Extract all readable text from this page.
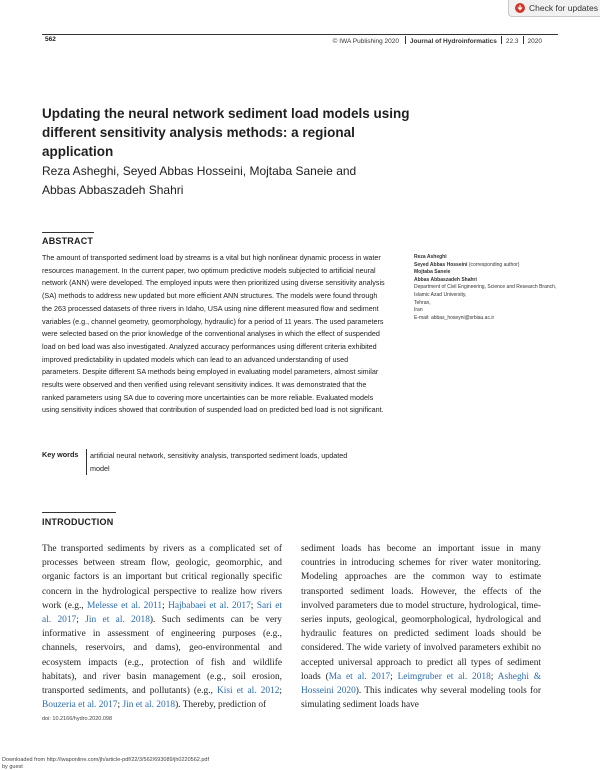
Check for updates
562	© IWA Publishing 2020 Journal of Hydroinformatics 22.3 2020
Updating the neural network sediment load models using different sensitivity analysis methods: a regional application
Reza Asheghi, Seyed Abbas Hosseini, Mojtaba Saneie and Abbas Abbaszadeh Shahri
ABSTRACT
The amount of transported sediment load by streams is a vital but high nonlinear dynamic process in water resources management. In the current paper, two optimum predictive models subjected to artificial neural network (ANN) were developed. The employed inputs were then prioritized using diverse sensitivity analysis (SA) methods to address new updated but more efficient ANN structures. The models were found through the 263 processed datasets of three rivers in Idaho, USA using nine different measured flow and sediment variables (e.g., channel geometry, geomorphology, hydraulic) for a period of 11 years. The used parameters were selected based on the prior knowledge of the conventional analyses in which the effect of suspended load on bed load was also investigated. Analyzed accuracy performances using different criteria exhibited improved predictability in updated models which can lead to an advanced understanding of used parameters. Despite different SA methods being employed in evaluating model parameters, almost similar results were observed and then verified using relevant sensitivity indices. It was demonstrated that the ranked parameters using SA due to covering more uncertainties can be more reliable. Evaluated models using sensitivity indices showed that contribution of suspended load on predicted bed load is not significant.
Key words artificial neural network, sensitivity analysis, transported sediment loads, updated model
Reza Asheghi
Seyed Abbas Hosseini (corresponding author)
Mojtaba Saneie
Abbas Abbaszadeh Shahri
Department of Civil Engineering, Science and Research Branch,
Islamic Azad University,
Tehran,
Iran
E-mail: abbas_hoseyni@srbiau.ac.ir
INTRODUCTION
The transported sediments by rivers as a complicated set of processes between stream flow, geologic, geomorphic, and organic factors is an important but critical regionally specific concern in the hydrological perspective to realize how rivers work (e.g., Melesse et al. 2011; Hajbabaei et al. 2017; Sari et al. 2017; Jin et al. 2018). Such sediments can be very informative in assessment of engineering purposes (e.g., channels, reservoirs, and dams), geo-environmental and ecosystem impacts (e.g., protection of fish and wildlife habitats), and river basin management (e.g., soil erosion, transported sediments, and pollutants) (e.g., Kisi et al. 2012; Bouzeria et al. 2017; Jin et al. 2018). Thereby, prediction of
sediment loads has become an important issue in many countries in introducing schemes for river water monitoring. Modeling approaches are the common way to estimate transported sediment loads. However, the effects of the involved parameters due to model structure, hydrological, time-series inputs, geological, geomorphological, hydrological and hydraulic features on predicted sediment loads should be considered. The wide variety of involved parameters exhibit no accepted universal approach to predict all types of sediment loads (Ma et al. 2017; Leimgruber et al. 2018; Asheghi & Hosseini 2020). This indicates why several modeling tools for simulating sediment loads have
doi: 10.2166/hydro.2020.098
Downloaded from http://iwaponline.com/jh/article-pdf/22/3/562/693089/jh0220562.pdf
by guest
